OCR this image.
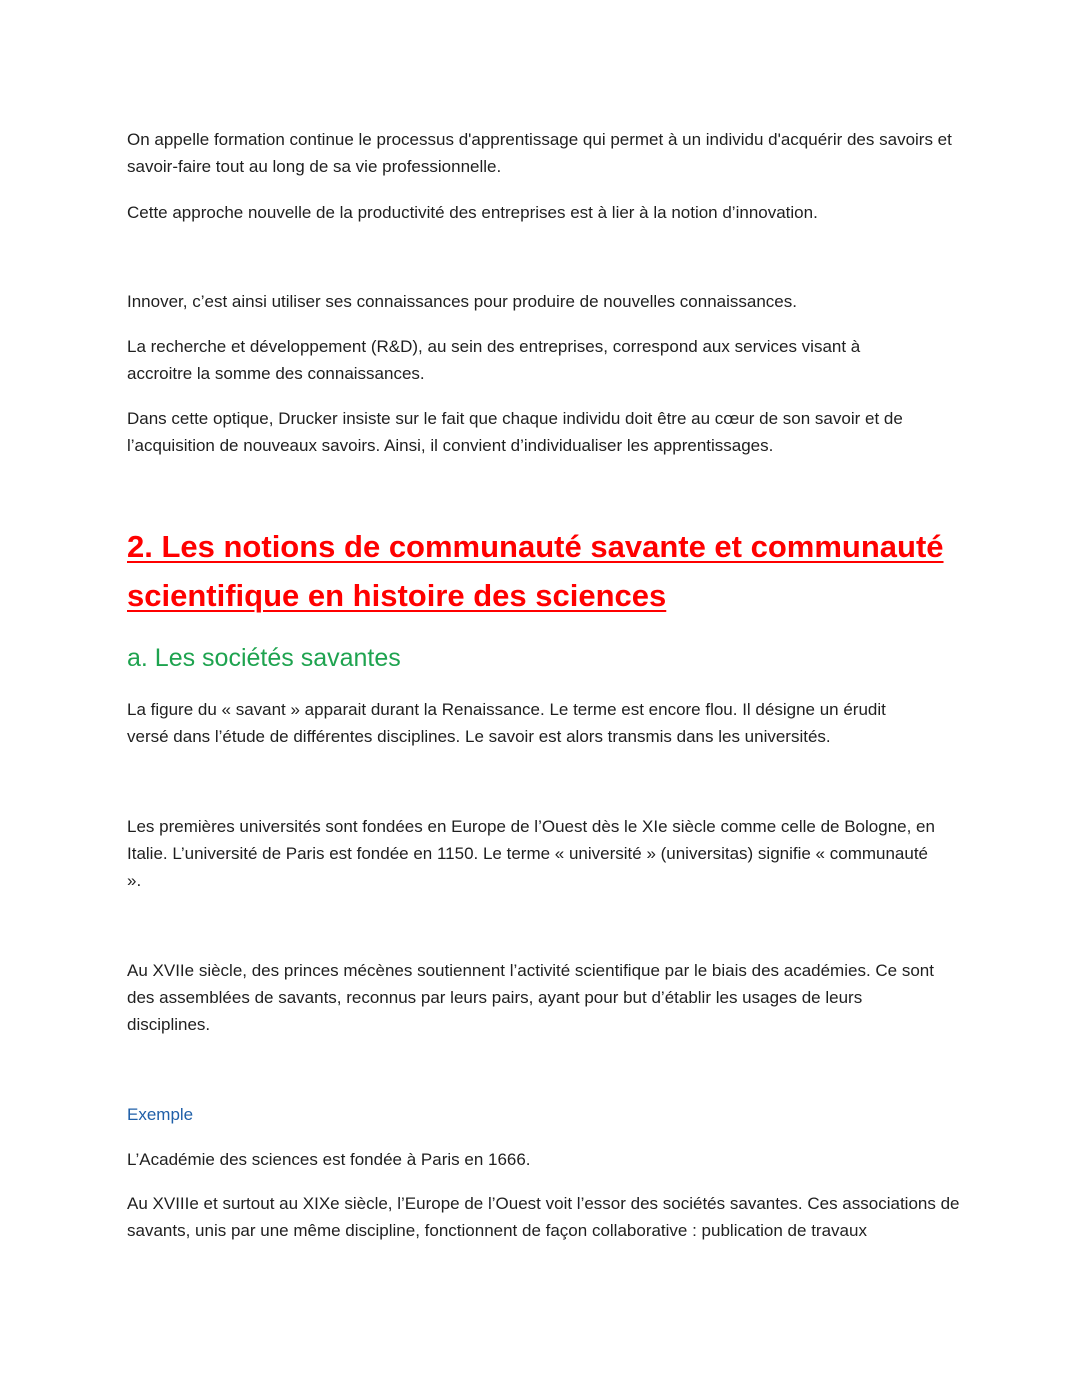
On appelle formation continue le processus d'apprentissage qui permet à un individu d'acquérir des savoirs et savoir-faire tout au long de sa vie professionnelle.

Cette approche nouvelle de la productivité des entreprises est à lier à la notion d’innovation.

Innover, c’est ainsi utiliser ses connaissances pour produire de nouvelles connaissances.

La recherche et développement (R&D), au sein des entreprises, correspond aux services visant à accroitre la somme des connaissances.

Dans cette optique, Drucker insiste sur le fait que chaque individu doit être au cœur de son savoir et de l’acquisition de nouveaux savoirs. Ainsi, il convient d’individualiser les apprentissages.

2. Les notions de communauté savante et communauté scientifique en histoire des sciences
a. Les sociétés savantes

La figure du « savant » apparait durant la Renaissance. Le terme est encore flou. Il désigne un érudit versé dans l’étude de différentes disciplines. Le savoir est alors transmis dans les universités.

Les premières universités sont fondées en Europe de l’Ouest dès le XIe siècle comme celle de Bologne, en Italie. L’université de Paris est fondée en 1150. Le terme « université » (universitas) signifie « communauté ».

Au XVIIe siècle, des princes mécènes soutiennent l’activité scientifique par le biais des académies. Ce sont des assemblées de savants, reconnus par leurs pairs, ayant pour but d’établir les usages de leurs disciplines.

Exemple

L’Académie des sciences est fondée à Paris en 1666.

Au XVIIIe et surtout au XIXe siècle, l’Europe de l’Ouest voit l’essor des sociétés savantes. Ces associations de savants, unis par une même discipline, fonctionnent de façon collaborative : publication de travaux
